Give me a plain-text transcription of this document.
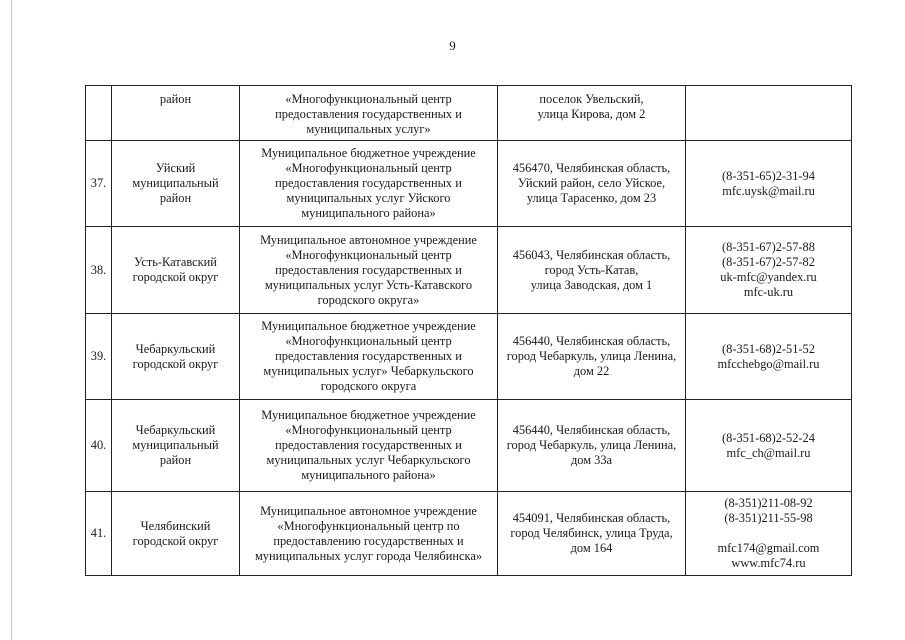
9

	район	«Многофункциональный центр
предоставления государственных и
муниципальных услуг»	поселок Увельский,
улица Кирова, дом 2	

37.	Уйский
муниципальный
район	Муниципальное бюджетное учреждение
«Многофункциональный центр
предоставления государственных и
муниципальных услуг Уйского
муниципального района»	456470, Челябинская область,
Уйский район, село Уйское,
улица Тарасенко, дом 23	(8-351-65)2-31-94
mfc.uysk@mail.ru

38.	Усть-Катавский
городской округ	Муниципальное автономное учреждение
«Многофункциональный центр
предоставления государственных и
муниципальных услуг Усть-Катавского
городского округа»	456043, Челябинская область,
город Усть-Катав,
улица Заводская, дом 1	(8-351-67)2-57-88
(8-351-67)2-57-82
uk-mfc@yandex.ru
mfc-uk.ru

39.	Чебаркульский
городской округ	Муниципальное бюджетное учреждение
«Многофункциональный центр
предоставления государственных и
муниципальных услуг» Чебаркульского
городского округа	456440, Челябинская область,
город Чебаркуль, улица Ленина,
дом 22	(8-351-68)2-51-52
mfcchebgo@mail.ru

40.	Чебаркульский
муниципальный
район	Муниципальное бюджетное учреждение
«Многофункциональный центр
предоставления государственных и
муниципальных услуг Чебаркульского
муниципального района»	456440, Челябинская область,
город Чебаркуль, улица Ленина,
дом 33а	(8-351-68)2-52-24
mfc_ch@mail.ru

41.	Челябинский
городской округ	Муниципальное автономное учреждение
«Многофункциональный центр по
предоставлению государственных и
муниципальных услуг города Челябинска»	454091, Челябинская область,
город Челябинск, улица Труда,
дом 164	(8-351)211-08-92
(8-351)211-55-98
mfc174@gmail.com
www.mfc74.ru
